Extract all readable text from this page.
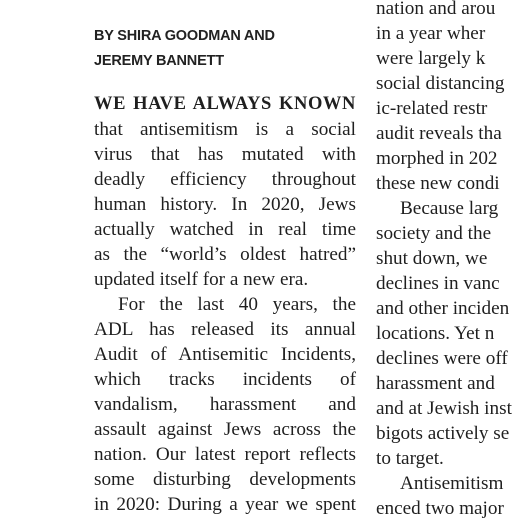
BY SHIRA GOODMAN AND
JEREMY BANNETT
WE HAVE ALWAYS KNOWN
that antisemitism is a social
virus that has mutated with
deadly efficiency throughout
human history. In 2020, Jews
actually watched in real time
as the “world’s oldest hatred”
updated itself for a new era.
For the last 40 years, the
ADL has released its annual
Audit of Antisemitic Incidents,
which tracks incidents of
vandalism, harassment and
assault against Jews across the
nation. Our latest report reflects
some disturbing developments
in 2020: During a year we spent
nation and arou
in a year wher
were largely k
social distancing
ic-related restr
audit reveals tha
morphed in 202
these new condi
Because larg
society and the
shut down, we
declines in vanc
and other inciden
locations. Yet n
declines were off
harassment and
and at Jewish inst
bigots actively se
to target.
Antisemitism
enced two major
